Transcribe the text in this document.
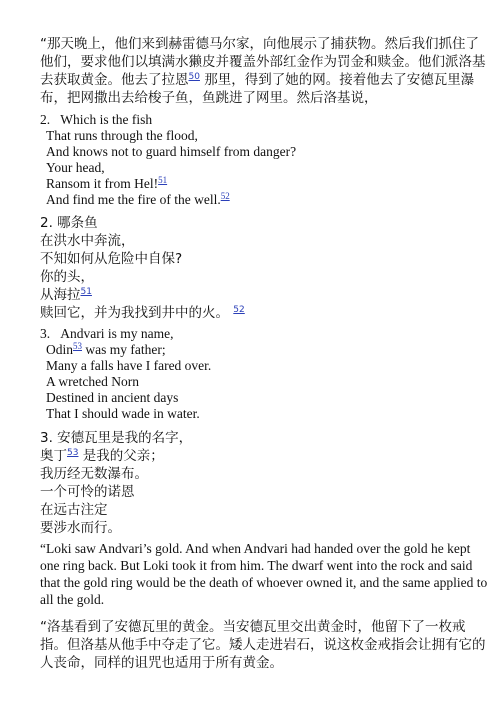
“那天晚上，他们来到赫雷德马尔家，向他展示了捕获物。然后我们抓住了
他们，要求他们以填满水獭皮并覆盖外部红金作为罚金和赎金。他们派洛基
去获取黄金。他去了拉恩$^{50}$ 那里，得到了她的网。接着他去了安德瓦里瀑
布，把网撒出去给梭子鱼，鱼跳进了网里。然后洛基说，
2. Which is the fish
That runs through the flood,
And knows not to guard himself from danger?
Your head,
Ransom it from Hel!$^{51}$
And find me the fire of the well.$^{52}$
2. 哪条鱼
在洪水中奔流，
不知如何从危险中自保?
你的头，
从海拉$^{51}$
赎回它，并为我找到井中的火。 $^{52}$
3. Andvari is my name,
Odin$^{53}$ was my father;
Many a falls have I fared over.
A wretched Norn
Destined in ancient days
That I should wade in water.
3. 安德瓦里是我的名字，
奥丁$^{53}$ 是我的父亲；
我历经无数瀑布。
一个可怜的诺恩
在远古注定
要涉水而行。
“Loki saw Andvari’s gold. And when Andvari had handed over the gold he kept
one ring back. But Loki took it from him. The dwarf went into the rock and said
that the gold ring would be the death of whoever owned it, and the same applied to
all the gold.
“洛基看到了安德瓦里的黄金。当安德瓦里交出黄金时，他留下了一枚戒
指。但洛基从他手中夺走了它。矮人走进岩石，说这枚金戒指会让拥有它的
人丧命，同样的诅咒也适用于所有黄金。
